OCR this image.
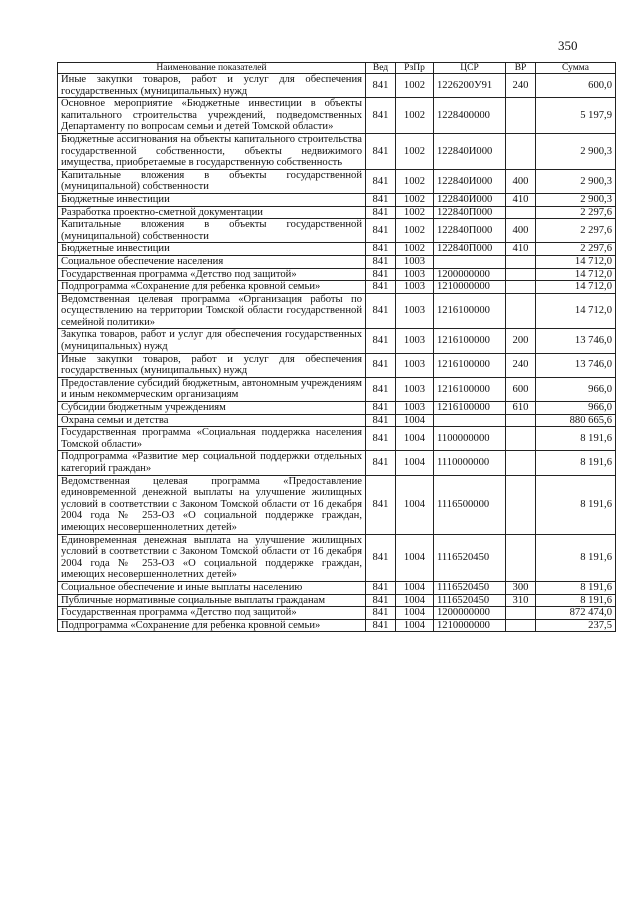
350
Наименование показателей	Вед	РзПр	ЦСР	ВР	Сумма
Иные закупки товаров, работ и услуг для обеспечения государственных (муниципальных) нужд	841	1002	1226200У91	240	600,0
Основное мероприятие «Бюджетные инвестиции в объекты капитального строительства учреждений, подведомственных Департаменту по вопросам семьи и детей Томской области»	841	1002	1228400000		5 197,9
Бюджетные ассигнования на объекты капитального строительства государственной собственности, объекты недвижимого имущества, приобретаемые в государственную собственность	841	1002	122840И000		2 900,3
Капитальные вложения в объекты государственной (муниципальной) собственности	841	1002	122840И000	400	2 900,3
Бюджетные инвестиции	841	1002	122840И000	410	2 900,3
Разработка проектно-сметной документации	841	1002	122840П000		2 297,6
Капитальные вложения в объекты государственной (муниципальной) собственности	841	1002	122840П000	400	2 297,6
Бюджетные инвестиции	841	1002	122840П000	410	2 297,6
Социальное обеспечение населения	841	1003			14 712,0
Государственная программа «Детство под защитой»	841	1003	1200000000		14 712,0
Подпрограмма «Сохранение для ребенка кровной семьи»	841	1003	1210000000		14 712,0
Ведомственная целевая программа «Организация работы по осуществлению на территории Томской области государственной семейной политики»	841	1003	1216100000		14 712,0
Закупка товаров, работ и услуг для обеспечения государственных (муниципальных) нужд	841	1003	1216100000	200	13 746,0
Иные закупки товаров, работ и услуг для обеспечения государственных (муниципальных) нужд	841	1003	1216100000	240	13 746,0
Предоставление субсидий бюджетным, автономным учреждениям и иным некоммерческим организациям	841	1003	1216100000	600	966,0
Субсидии бюджетным учреждениям	841	1003	1216100000	610	966,0
Охрана семьи и детства	841	1004			880 665,6
Государственная программа «Социальная поддержка населения Томской области»	841	1004	1100000000		8 191,6
Подпрограмма «Развитие мер социальной поддержки отдельных категорий граждан»	841	1004	1110000000		8 191,6
Ведомственная целевая программа «Предоставление единовременной денежной выплаты на улучшение жилищных условий в соответствии с Законом Томской области от 16 декабря 2004 года № 253-ОЗ «О социальной поддержке граждан, имеющих несовершеннолетних детей»	841	1004	1116500000		8 191,6
Единовременная денежная выплата на улучшение жилищных условий в соответствии с Законом Томской области от 16 декабря 2004 года № 253-ОЗ «О социальной поддержке граждан, имеющих несовершеннолетних детей»	841	1004	1116520450		8 191,6
Социальное обеспечение и иные выплаты населению	841	1004	1116520450	300	8 191,6
Публичные нормативные социальные выплаты гражданам	841	1004	1116520450	310	8 191,6
Государственная программа «Детство под защитой»	841	1004	1200000000		872 474,0
Подпрограмма «Сохранение для ребенка кровной семьи»	841	1004	1210000000		237,5
